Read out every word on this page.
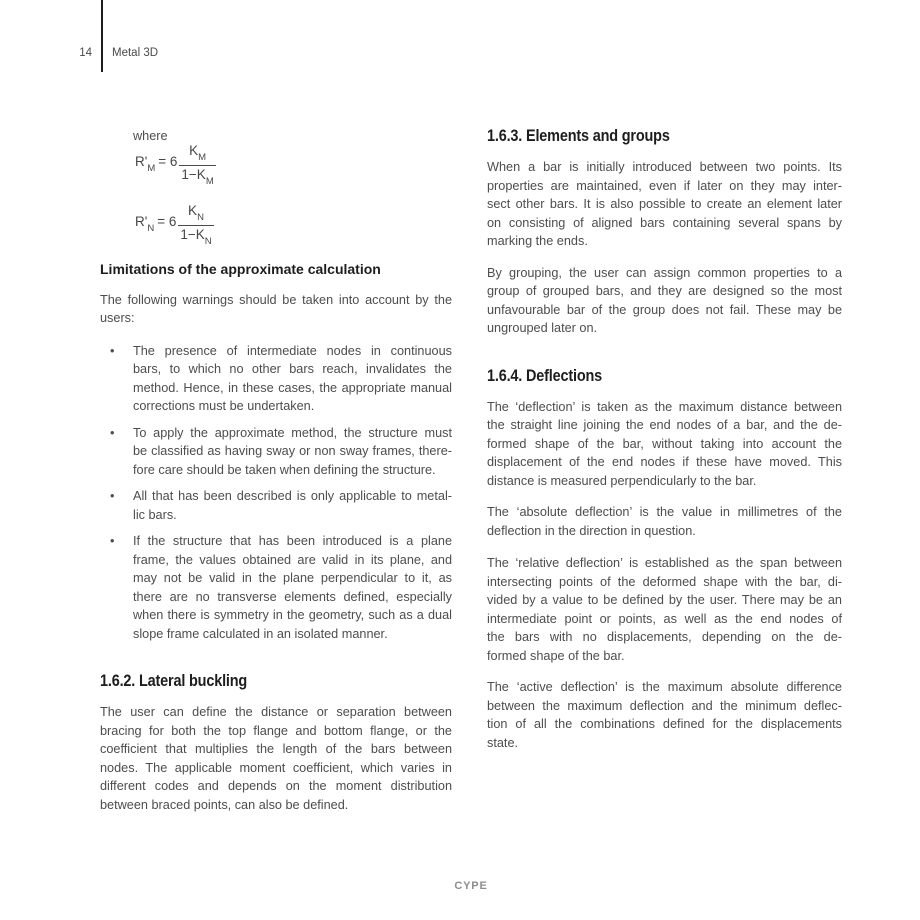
14 Metal 3D
where
$R'_M = 6 \frac{K_M}{1-K_M}$
$R'_N = 6 \frac{K_N}{1-K_N}$
Limitations of the approximate calculation
The following warnings should be taken into account by the
users:
•	The presence of intermediate nodes in continuous
bars, to which no other bars reach, invalidates the
method. Hence, in these cases, the appropriate manual
corrections must be undertaken.
•	To apply the approximate method, the structure must
be classified as having sway or non sway frames, there-
fore care should be taken when defining the structure.
•	All that has been described is only applicable to metal-
lic bars.
•	If the structure that has been introduced is a plane
frame, the values obtained are valid in its plane, and
may not be valid in the plane perpendicular to it, as
there are no transverse elements defined, especially
when there is symmetry in the geometry, such as a dual
slope frame calculated in an isolated manner.
1.6.2. Lateral buckling
The user can define the distance or separation between
bracing for both the top flange and bottom flange, or the
coefficient that multiplies the length of the bars between
nodes. The applicable moment coefficient, which varies in
different codes and depends on the moment distribution
between braced points, can also be defined.
1.6.3. Elements and groups
When a bar is initially introduced between two points. Its
properties are maintained, even if later on they may inter-
sect other bars. It is also possible to create an element later
on consisting of aligned bars containing several spans by
marking the ends.
By grouping, the user can assign common properties to a
group of grouped bars, and they are designed so the most
unfavourable bar of the group does not fail. These may be
ungrouped later on.
1.6.4. Deflections
The ‘deflection’ is taken as the maximum distance between
the straight line joining the end nodes of a bar, and the de-
formed shape of the bar, without taking into account the
displacement of the end nodes if these have moved. This
distance is measured perpendicularly to the bar.
The ‘absolute deflection’ is the value in millimetres of the
deflection in the direction in question.
The ‘relative deflection’ is established as the span between
intersecting points of the deformed shape with the bar, di-
vided by a value to be defined by the user. There may be an
intermediate point or points, as well as the end nodes of
the bars with no displacements, depending on the de-
formed shape of the bar.
The ‘active deflection’ is the maximum absolute difference
between the maximum deflection and the minimum deflec-
tion of all the combinations defined for the displacements
state.
CYPE
